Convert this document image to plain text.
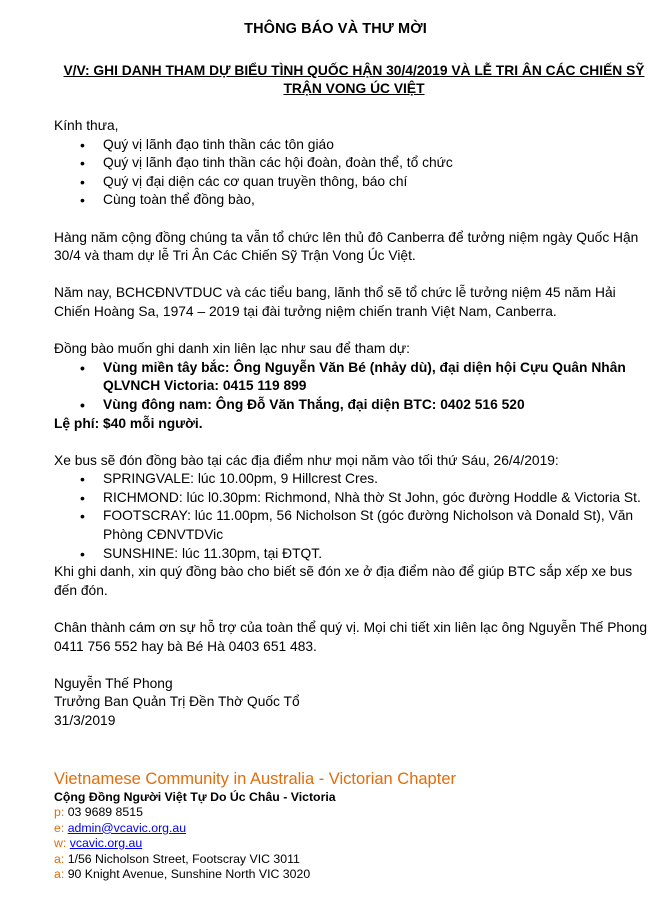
THÔNG BÁO VÀ THƯ MỜI
V/V: GHI DANH THAM DỰ BIỂU TÌNH QUỐC HẬN 30/4/2019 VÀ LỄ TRI ÂN CÁC CHIẾN SỸ TRẬN VONG ÚC VIỆT

Kính thưa,

• Quý vị lãnh đạo tinh thần các tôn giáo
• Quý vị lãnh đạo tinh thần các hội đoàn, đoàn thể, tổ chức
• Quý vị đại diện các cơ quan truyền thông, báo chí
• Cùng toàn thể đồng bào,

Hàng năm cộng đồng chúng ta vẫn tổ chức lên thủ đô Canberra để tưởng niệm ngày Quốc Hận 30/4 và tham dự lễ Tri Ân Các Chiến Sỹ Trận Vong Úc Việt.

Năm nay, BCHCĐNVTDUC và các tiểu bang, lãnh thổ sẽ tổ chức lễ tưởng niệm 45 năm Hải Chiến Hoàng Sa, 1974 – 2019 tại đài tưởng niệm chiến tranh Việt Nam, Canberra.

Đồng bào muốn ghi danh xin liên lạc như sau để tham dự:

• Vùng miền tây bắc: Ông Nguyễn Văn Bé (nhảy dù), đại diện hội Cựu Quân Nhân QLVNCH Victoria: 0415 119 899
• Vùng đông nam: Ông Đỗ Văn Thắng, đại diện BTC: 0402 516 520

Lệ phí: $40 mỗi người.

Xe bus sẽ đón đồng bào tại các địa điểm như mọi năm vào tối thứ Sáu, 26/4/2019:

• SPRINGVALE: lúc 10.00pm, 9 Hillcrest Cres.
• RICHMOND: lúc l0.30pm: Richmond, Nhà thờ St John, góc đường Hoddle & Victoria St.
• FOOTSCRAY: lúc 11.00pm, 56 Nicholson St (góc đường Nicholson và Donald St), Văn Phòng CĐNVTDVic
• SUNSHINE: lúc 11.30pm, tại ĐTQT.

Khi ghi danh, xin quý đồng bào cho biết sẽ đón xe ở địa điểm nào để giúp BTC sắp xếp xe bus đến đón.

Chân thành cám ơn sự hỗ trợ của toàn thể quý vị. Mọi chi tiết xin liên lạc ông Nguyễn Thế Phong 0411 756 552 hay bà Bé Hà 0403 651 483.

Nguyễn Thế Phong

Trưởng Ban Quản Trị Đền Thờ Quốc Tổ

31/3/2019

Vietnamese Community in Australia - Victorian Chapter

Cộng Đồng Người Việt Tự Do Úc Châu - Victoria

p: 03 9689 8515

e: admin@vcavic.org.au

w: vcavic.org.au

a: 1/56 Nicholson Street, Footscray VIC 3011

a: 90 Knight Avenue, Sunshine North VIC 3020
